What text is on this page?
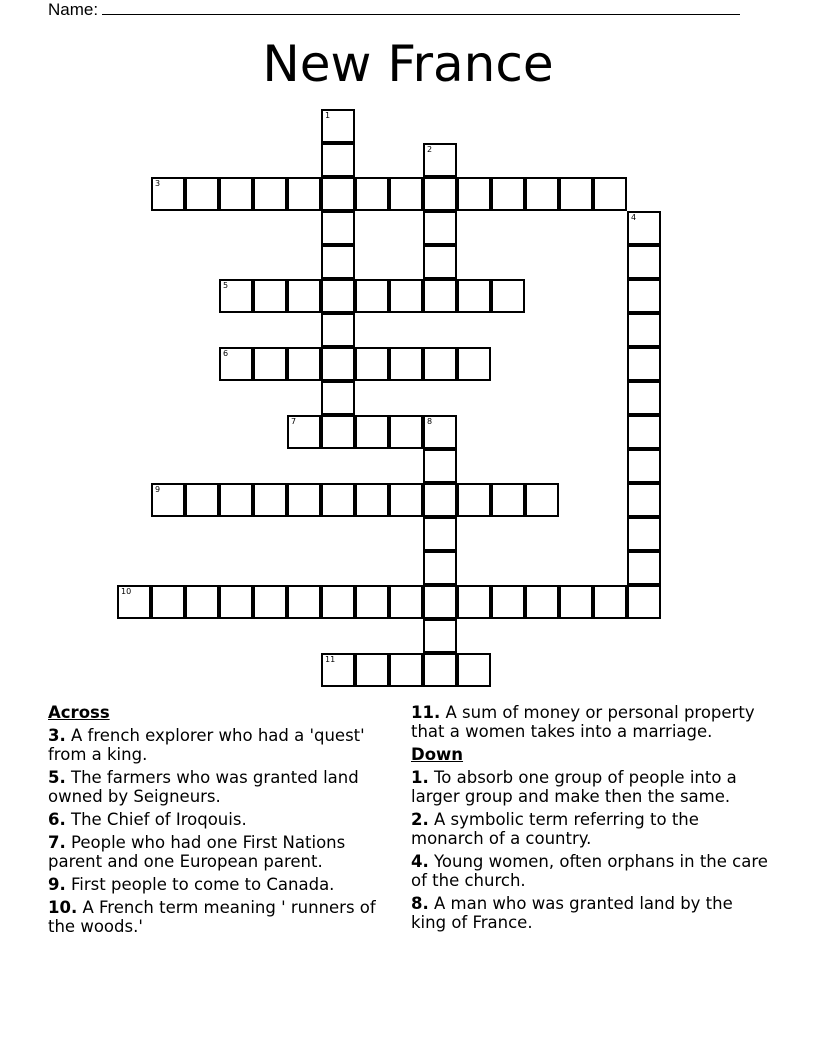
Name:
New France
1
2
3
4
5
6
7	8
9
10
11
Across
3. A french explorer who had a 'quest' from a king.
5. The farmers who was granted land owned by Seigneurs.
6. The Chief of Iroqouis.
7. People who had one First Nations parent and one European parent.
9. First people to come to Canada.
10. A French term meaning ' runners of the woods.'
11. A sum of money or personal property that a women takes into a marriage.
Down
1. To absorb one group of people into a larger group and make then the same.
2. A symbolic term referring to the monarch of a country.
4. Young women, often orphans in the care of the church.
8. A man who was granted land by the king of France.
